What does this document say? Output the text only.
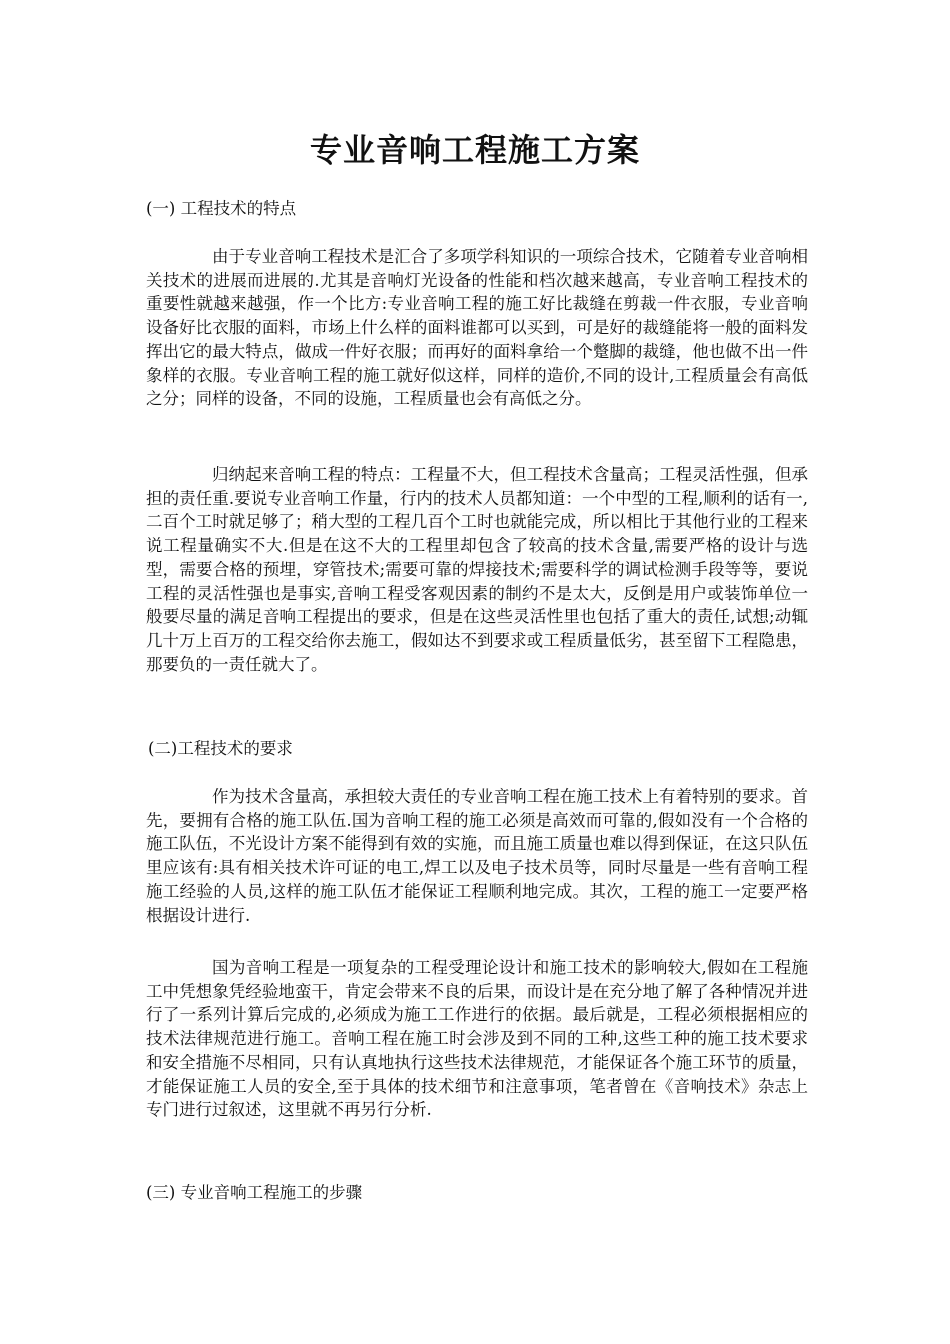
专业音响工程施工方案

(一) 工程技术的特点

由于专业音响工程技术是汇合了多项学科知识的一项综合技术，它随着专业音响相关技术的进展而进展的.尤其是音响灯光设备的性能和档次越来越高，专业音响工程技术的重要性就越来越强，作一个比方:专业音响工程的施工好比裁缝在剪裁一件衣服，专业音响设备好比衣服的面料，市场上什么样的面料谁都可以买到，可是好的裁缝能将一般的面料发挥出它的最大特点，做成一件好衣服；而再好的面料拿给一个蹩脚的裁缝，他也做不出一件象样的衣服。专业音响工程的施工就好似这样，同样的造价,不同的设计,工程质量会有高低之分；同样的设备，不同的设施，工程质量也会有高低之分。

归纳起来音响工程的特点：工程量不大，但工程技术含量高；工程灵活性强，但承担的责任重.要说专业音响工作量，行内的技术人员都知道：一个中型的工程,顺利的话有一,二百个工时就足够了；稍大型的工程几百个工时也就能完成，所以相比于其他行业的工程来说工程量确实不大.但是在这不大的工程里却包含了较高的技术含量,需要严格的设计与选型，需要合格的预埋，穿管技术;需要可靠的焊接技术;需要科学的调试检测手段等等，要说工程的灵活性强也是事实,音响工程受客观因素的制约不是太大，反倒是用户或装饰单位一般要尽量的满足音响工程提出的要求，但是在这些灵活性里也包括了重大的责任,试想;动辄几十万上百万的工程交给你去施工，假如达不到要求或工程质量低劣，甚至留下工程隐患，那要负的一责任就大了。

(二)工程技术的要求

作为技术含量高，承担较大责任的专业音响工程在施工技术上有着特别的要求。首先，要拥有合格的施工队伍.国为音响工程的施工必须是高效而可靠的,假如没有一个合格的施工队伍，不光设计方案不能得到有效的实施，而且施工质量也难以得到保证，在这只队伍里应该有:具有相关技术许可证的电工,焊工以及电子技术员等，同时尽量是一些有音响工程施工经验的人员,这样的施工队伍才能保证工程顺利地完成。其次，工程的施工一定要严格根据设计进行.

国为音响工程是一项复杂的工程受理论设计和施工技术的影响较大,假如在工程施工中凭想象凭经验地蛮干，肯定会带来不良的后果，而设计是在充分地了解了各种情况并进行了一系列计算后完成的,必须成为施工工作进行的依据。最后就是，工程必须根据相应的技术法律规范进行施工。音响工程在施工时会涉及到不同的工种,这些工种的施工技术要求和安全措施不尽相同，只有认真地执行这些技术法律规范，才能保证各个施工环节的质量，才能保证施工人员的安全,至于具体的技术细节和注意事项，笔者曾在《音响技术》杂志上专门进行过叙述，这里就不再另行分析.

(三) 专业音响工程施工的步骤
